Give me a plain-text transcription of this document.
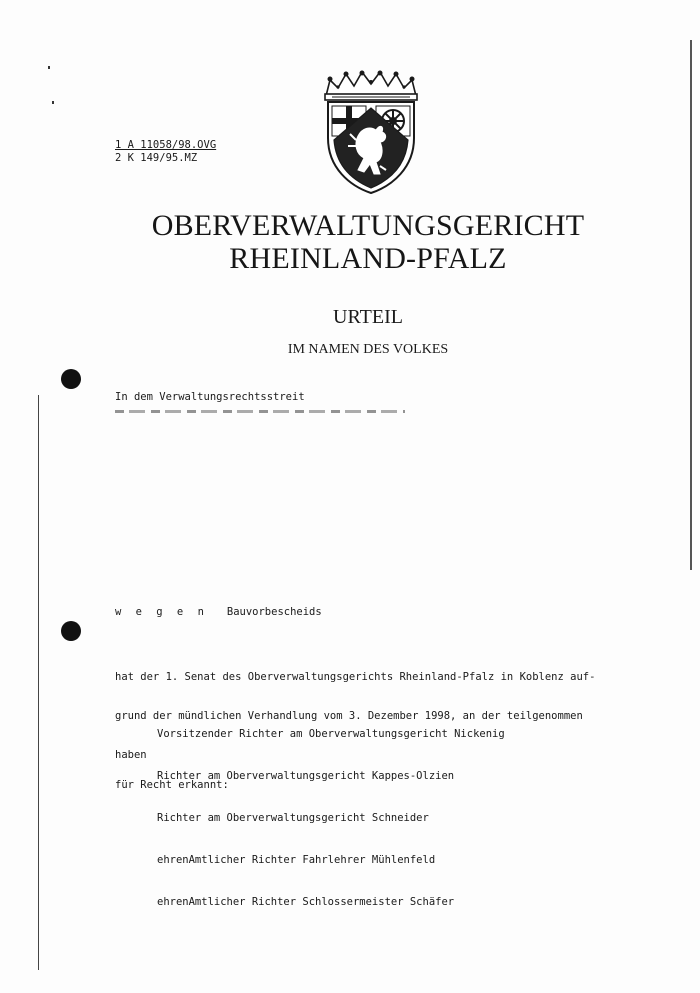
1 A 11058/98.OVG
2 K 149/95.MZ
OBERVERWALTUNGSGERICHT
RHEINLAND-PFALZ
URTEIL
IM NAMEN DES VOLKES
In dem Verwaltungsrechtsstreit
w e g e n Bauvorbescheids

hat der 1. Senat des Oberverwaltungsgerichts Rheinland-Pfalz in Koblenz auf-

grund der mündlichen Verhandlung vom 3. Dezember 1998, an der teilgenommen

haben

Vorsitzender Richter am Oberverwaltungsgericht Nickenig

Richter am Oberverwaltungsgericht Kappes-Olzien

Richter am Oberverwaltungsgericht Schneider

ehrenAmtlicher Richter Fahrlehrer Mühlenfeld

ehrenAmtlicher Richter Schlossermeister Schäfer

für Recht erkannt:
